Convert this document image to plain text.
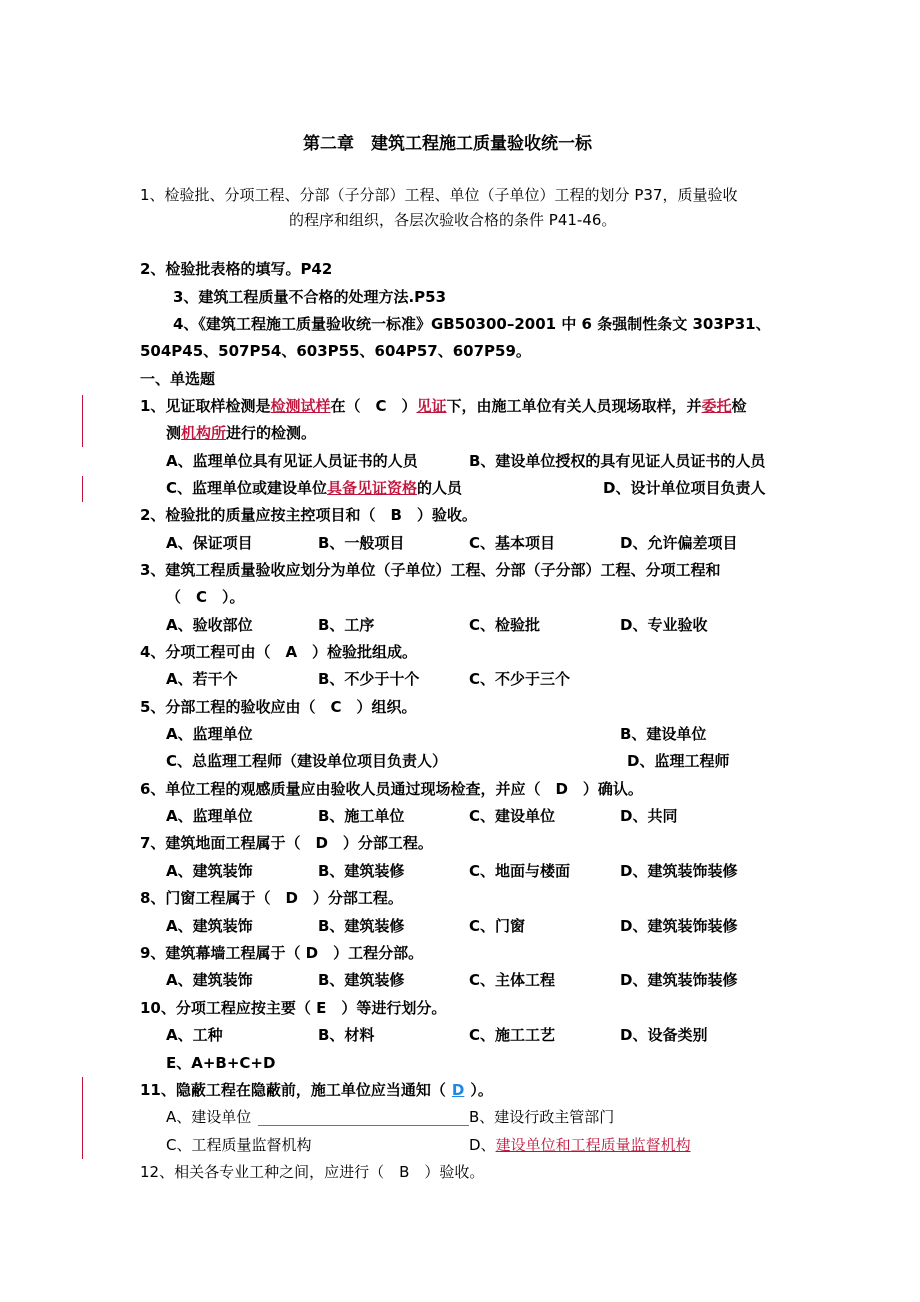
第二章　建筑工程施工质量验收统一标
1、检验批、分项工程、分部（子分部）工程、单位（子单位）工程的划分 P37，质量验收
的程序和组织，各层次验收合格的条件 P41-46。
2、检验批表格的填写。P42
3、建筑工程质量不合格的处理方法.P53
4、《建筑工程施工质量验收统一标准》GB50300–2001 中 6 条强制性条文 303P31、
504P45、507P54、603P55、604P57、607P59。
一、单选题
1、见证取样检测是检测试样在（　C　）见证下，由施工单位有关人员现场取样，并委托检
测机构所进行的检测。
A、监理单位具有见证人员证书的人员	B、建设单位授权的具有见证人员证书的人员
C、监理单位或建设单位具备见证资格的人员	D、设计单位项目负责人
2、检验批的质量应按主控项目和（　B　）验收。
A、保证项目	B、一般项目	C、基本项目	D、允许偏差项目
3、建筑工程质量验收应划分为单位（子单位）工程、分部（子分部）工程、分项工程和
（　C　）。
A、验收部位	B、工序	C、检验批	D、专业验收
4、分项工程可由（　A　）检验批组成。
A、若干个	B、不少于十个	C、不少于三个
5、分部工程的验收应由（　C　）组织。
A、监理单位	B、建设单位
C、总监理工程师（建设单位项目负责人）	D、监理工程师
6、单位工程的观感质量应由验收人员通过现场检查，并应（　D　）确认。
A、监理单位	B、施工单位	C、建设单位	D、共同
7、建筑地面工程属于（　D　）分部工程。
A、建筑装饰	B、建筑装修	C、地面与楼面	D、建筑装饰装修
8、门窗工程属于（　D　）分部工程。
A、建筑装饰	B、建筑装修	C、门窗	D、建筑装饰装修
9、建筑幕墙工程属于（ D　）工程分部。
A、建筑装饰	B、建筑装修	C、主体工程	D、建筑装饰装修
10、分项工程应按主要（ E　）等进行划分。
A、工种	B、材料	C、施工工艺	D、设备类别
E、A+B+C+D
11、隐蔽工程在隐蔽前，施工单位应当通知（ D ）。
A、建设单位	B、建设行政主管部门
C、工程质量监督机构	D、建设单位和工程质量监督机构
12、相关各专业工种之间，应进行（　B　）验收。
